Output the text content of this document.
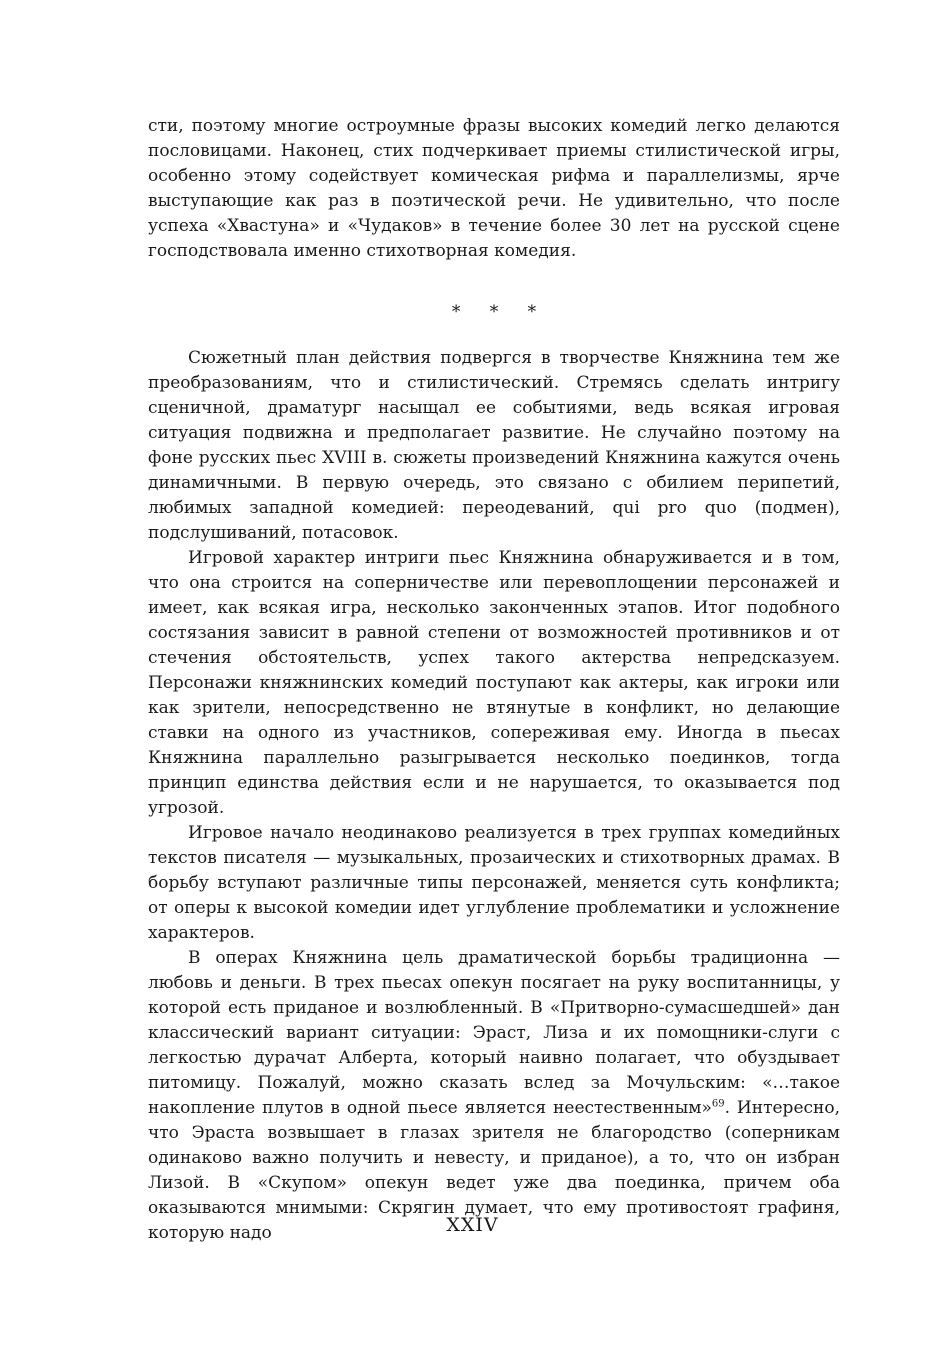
сти, поэтому многие остроумные фразы высоких комедий легко делаются пословицами. Наконец, стих подчеркивает приемы стилистической игры, особенно этому содействует комическая рифма и параллелизмы, ярче выступающие как раз в поэтической речи. Не удивительно, что после успеха «Хвастуна» и «Чудаков» в течение более 30 лет на русской сцене господствовала именно стихотворная комедия.

* * *

Сюжетный план действия подвергся в творчестве Княжнина тем же преобразованиям, что и стилистический. Стремясь сделать интригу сценичной, драматург насыщал ее событиями, ведь всякая игровая ситуация подвижна и предполагает развитие. Не случайно поэтому на фоне русских пьес XVIII в. сюжеты произведений Княжнина кажутся очень динамичными. В первую очередь, это связано с обилием перипетий, любимых западной комедией: переодеваний, qui pro quo (подмен), подслушиваний, потасовок.

Игровой характер интриги пьес Княжнина обнаруживается и в том, что она строится на соперничестве или перевоплощении персонажей и имеет, как всякая игра, несколько законченных этапов. Итог подобного состязания зависит в равной степени от возможностей противников и от стечения обстоятельств, успех такого актерства непредсказуем. Персонажи княжнинских комедий поступают как актеры, как игроки или как зрители, непосредственно не втянутые в конфликт, но делающие ставки на одного из участников, сопереживая ему. Иногда в пьесах Княжнина параллельно разыгрывается несколько поединков, тогда принцип единства действия если и не нарушается, то оказывается под угрозой.

Игровое начало неодинаково реализуется в трех группах комедийных текстов писателя — музыкальных, прозаических и стихотворных драмах. В борьбу вступают различные типы персонажей, меняется суть конфликта; от оперы к высокой комедии идет углубление проблематики и усложнение характеров.

В операх Княжнина цель драматической борьбы традиционна — любовь и деньги. В трех пьесах опекун посягает на руку воспитанницы, у которой есть приданое и возлюбленный. В «Притворно-сумасшедшей» дан классический вариант ситуации: Эраст, Лиза и их помощники-слуги с легкостью дурачат Алберта, который наивно полагает, что обуздывает питомицу. Пожалуй, можно сказать вслед за Мочульским: «…такое накопление плутов в одной пьесе является неестественным»$^{69}$. Интересно, что Эраста возвышает в глазах зрителя не благородство (соперникам одинаково важно получить и невесту, и приданое), а то, что он избран Лизой. В «Скупом» опекун ведет уже два поединка, причем оба оказываются мнимыми: Скрягин думает, что ему противостоят графиня, которую надо	XXIV
